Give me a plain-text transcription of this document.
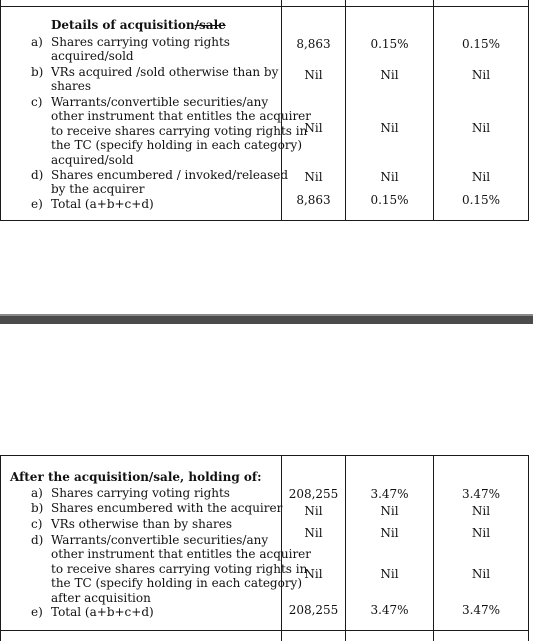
Details of acquisition/sale
a) Shares carrying voting rights
acquired/sold
8,863	0.15%	0.15%
b) VRs acquired /sold otherwise than by
shares
Nil	Nil	Nil
c) Warrants/convertible securities/any
other instrument that entitles the acquirer
to receive shares carrying voting rights in
the TC (specify holding in each category)
acquired/sold
Nil	Nil	Nil
d) Shares encumbered / invoked/released
by the acquirer
Nil	Nil	Nil
e) Total (a+b+c+d)	8,863	0.15%	0.15%
After the acquisition/sale, holding of:
a) Shares carrying voting rights	208,255	3.47%	3.47%
b) Shares encumbered with the acquirer	Nil	Nil	Nil
c) VRs otherwise than by shares
Nil	Nil	Nil
d) Warrants/convertible securities/any
other instrument that entitles the acquirer
to receive shares carrying voting rights in
the TC (specify holding in each category)
after acquisition
Nil	Nil	Nil
e) Total (a+b+c+d)	208,255	3.47%	3.47%
